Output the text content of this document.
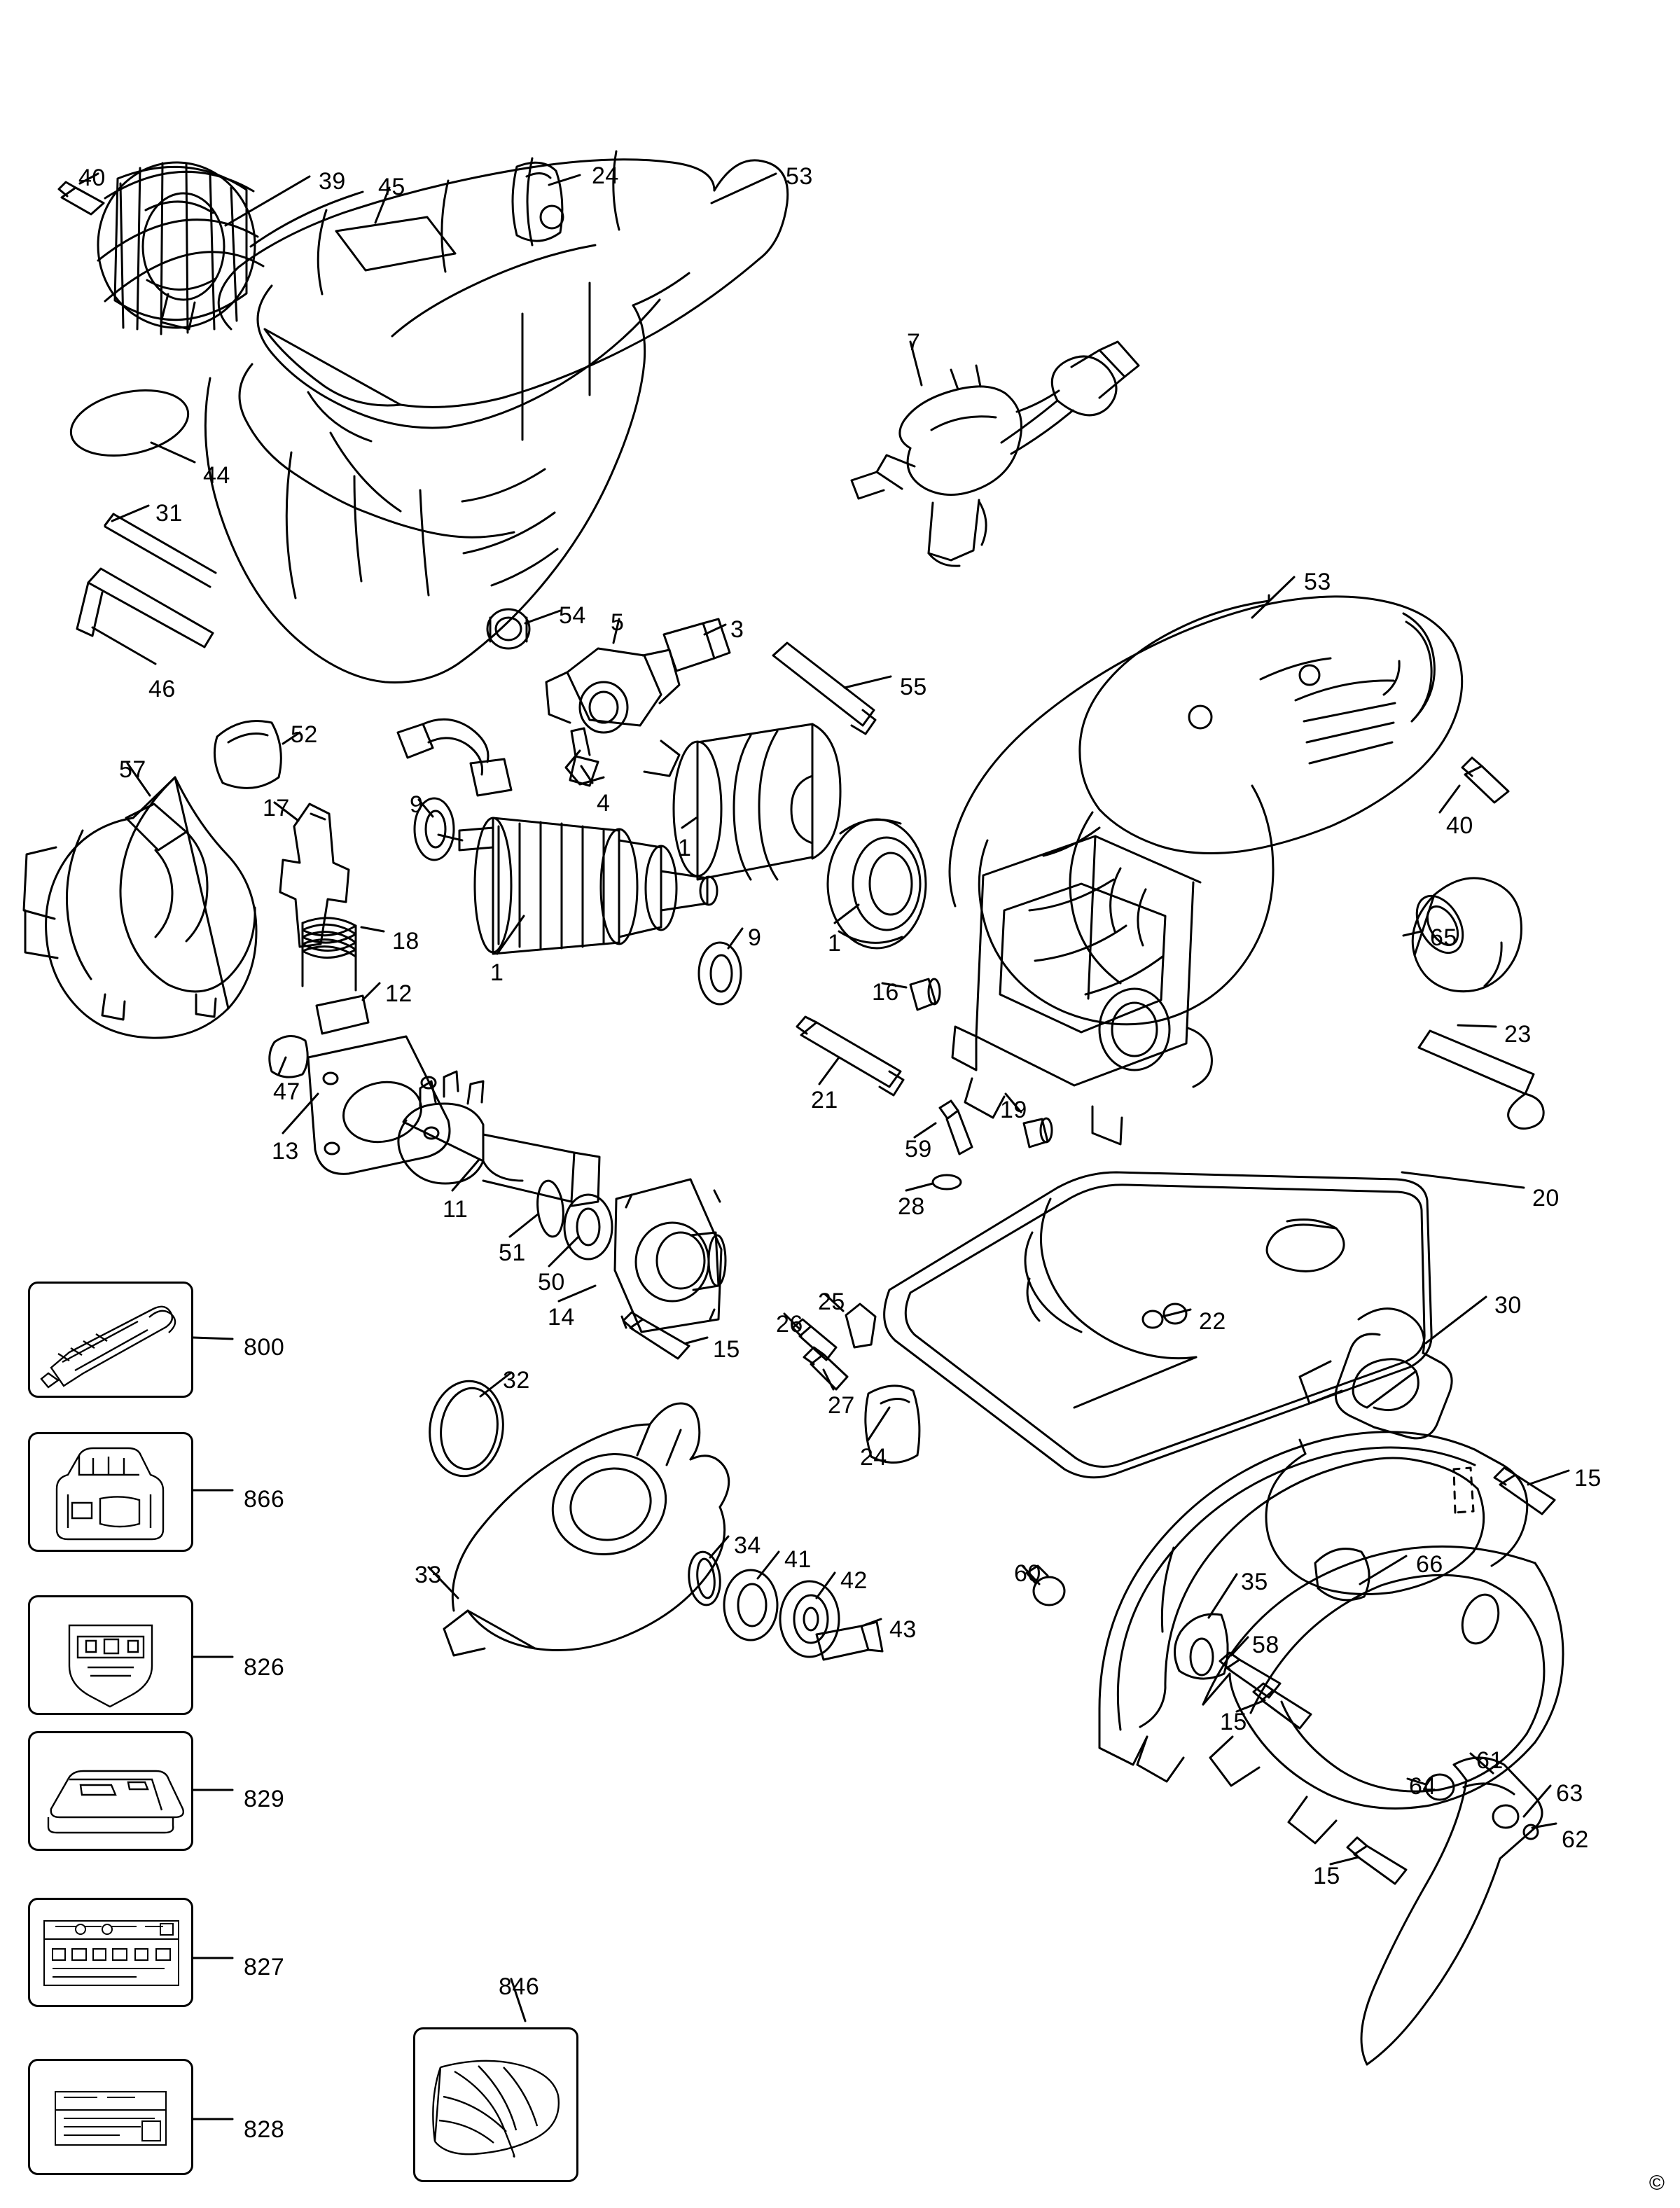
40	39 45	24	53
7
44
31
46
53
54 5	3
55
52
4
9
57
17
1
1
40
18	9
1
65
12	16
23
47	21	19
13	59
11	28	20
51
50
14
25
26	22
30
15
27
800
32
24
866
15
34
41	66
33	42	60	35
826
43
58
15
61
64	63
62
829
15
827
846
828
©
